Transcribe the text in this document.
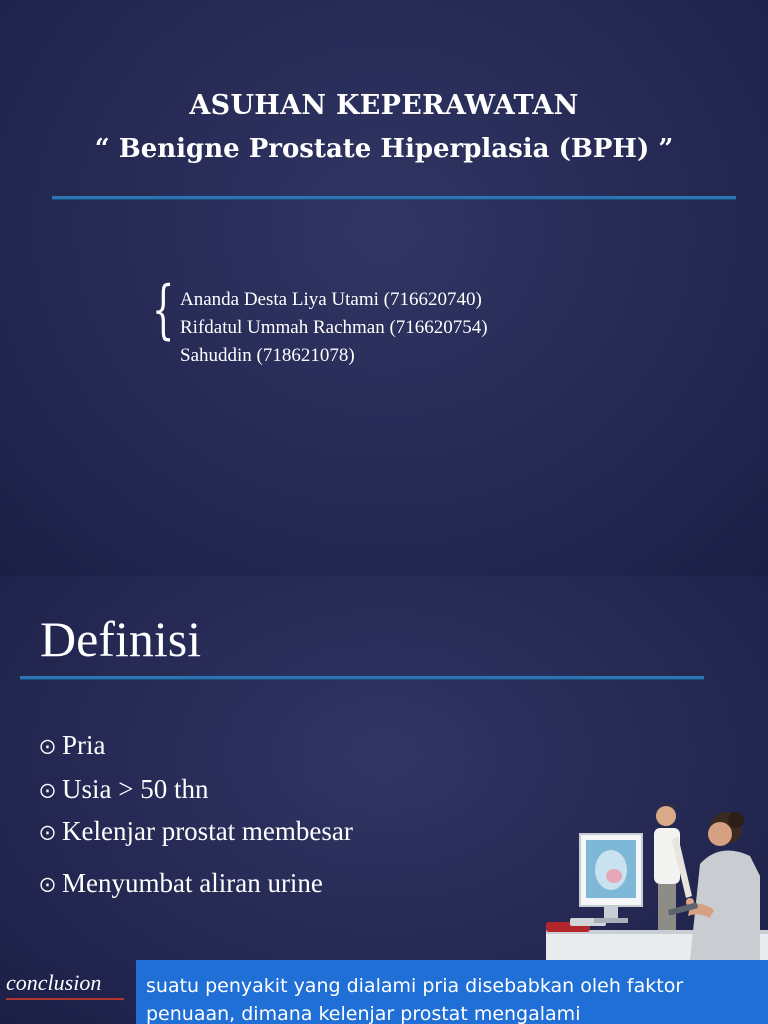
ASUHAN KEPERAWATAN
“ Benigne Prostate Hiperplasia (BPH) ”
{ Ananda Desta Liya Utami (716620740)
Rifdatul Ummah Rachman (716620754)
Sahuddin (718621078)
Definisi
⨀ Pria
⨀ Usia > 50 thn
⨀ Kelenjar prostat membesar
⨀ Menyumbat aliran urine
conclusion suatu penyakit yang dialami pria disebabkan oleh faktor penuaan, dimana kelenjar prostat mengalami
